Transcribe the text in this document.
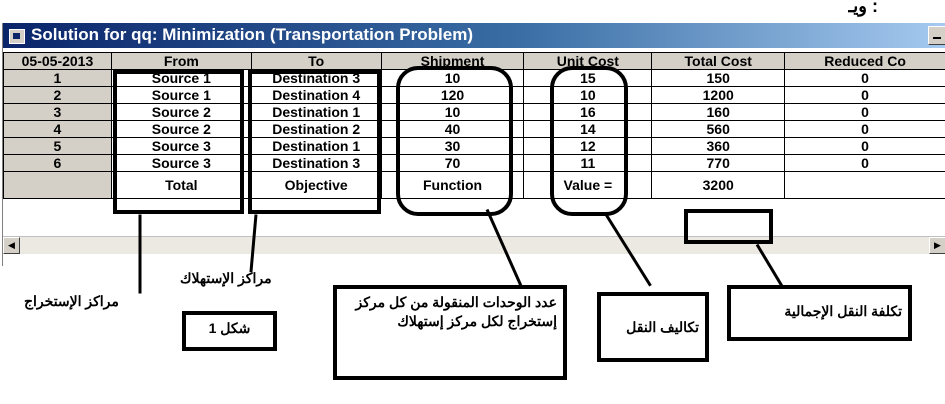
ويـ :
Solution for qq: Minimization (Transportation Problem)
05-05-2013	From	To	Shipment	Unit Cost	Total Cost	Reduced Co
1	Source 1	Destination 3	10	15	150	0
2	Source 1	Destination 4	120	10	1200	0
3	Source 2	Destination 1	10	16	160	0
4	Source 2	Destination 2	40	14	560	0
5	Source 3	Destination 1	30	12	360	0
6	Source 3	Destination 3	70	11	770	0
	Total	Objective	Function	Value =	3200	
◀	▶
مراكز الإستهلاك
مراكز الإستخراج
شكل 1
عدد الوحدات المنقولة من كل مركز إستخراج لكل مركز إستهلاك	تكاليف النقل
تكلفة النقل الإجمالية
